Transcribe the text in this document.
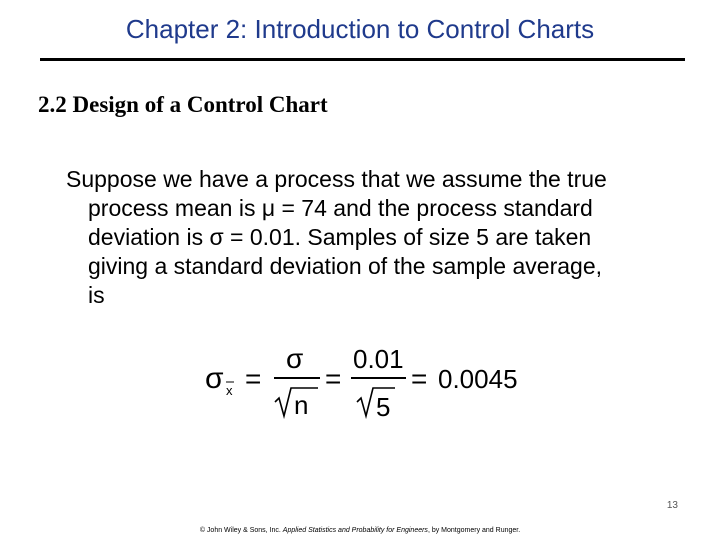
Chapter 2: Introduction to Control Charts
2.2 Design of a Control Chart
Suppose we have a process that we assume the true
process mean is μ = 74 and the process standard
deviation is σ = 0.01. Samples of size 5 are taken
giving a standard deviation of the sample average,
is
σ x =
σ
n
=
0.01
5
= 0.0045
13
© John Wiley & Sons, Inc. Applied Statistics and Probability for Engineers, by Montgomery and Runger.
